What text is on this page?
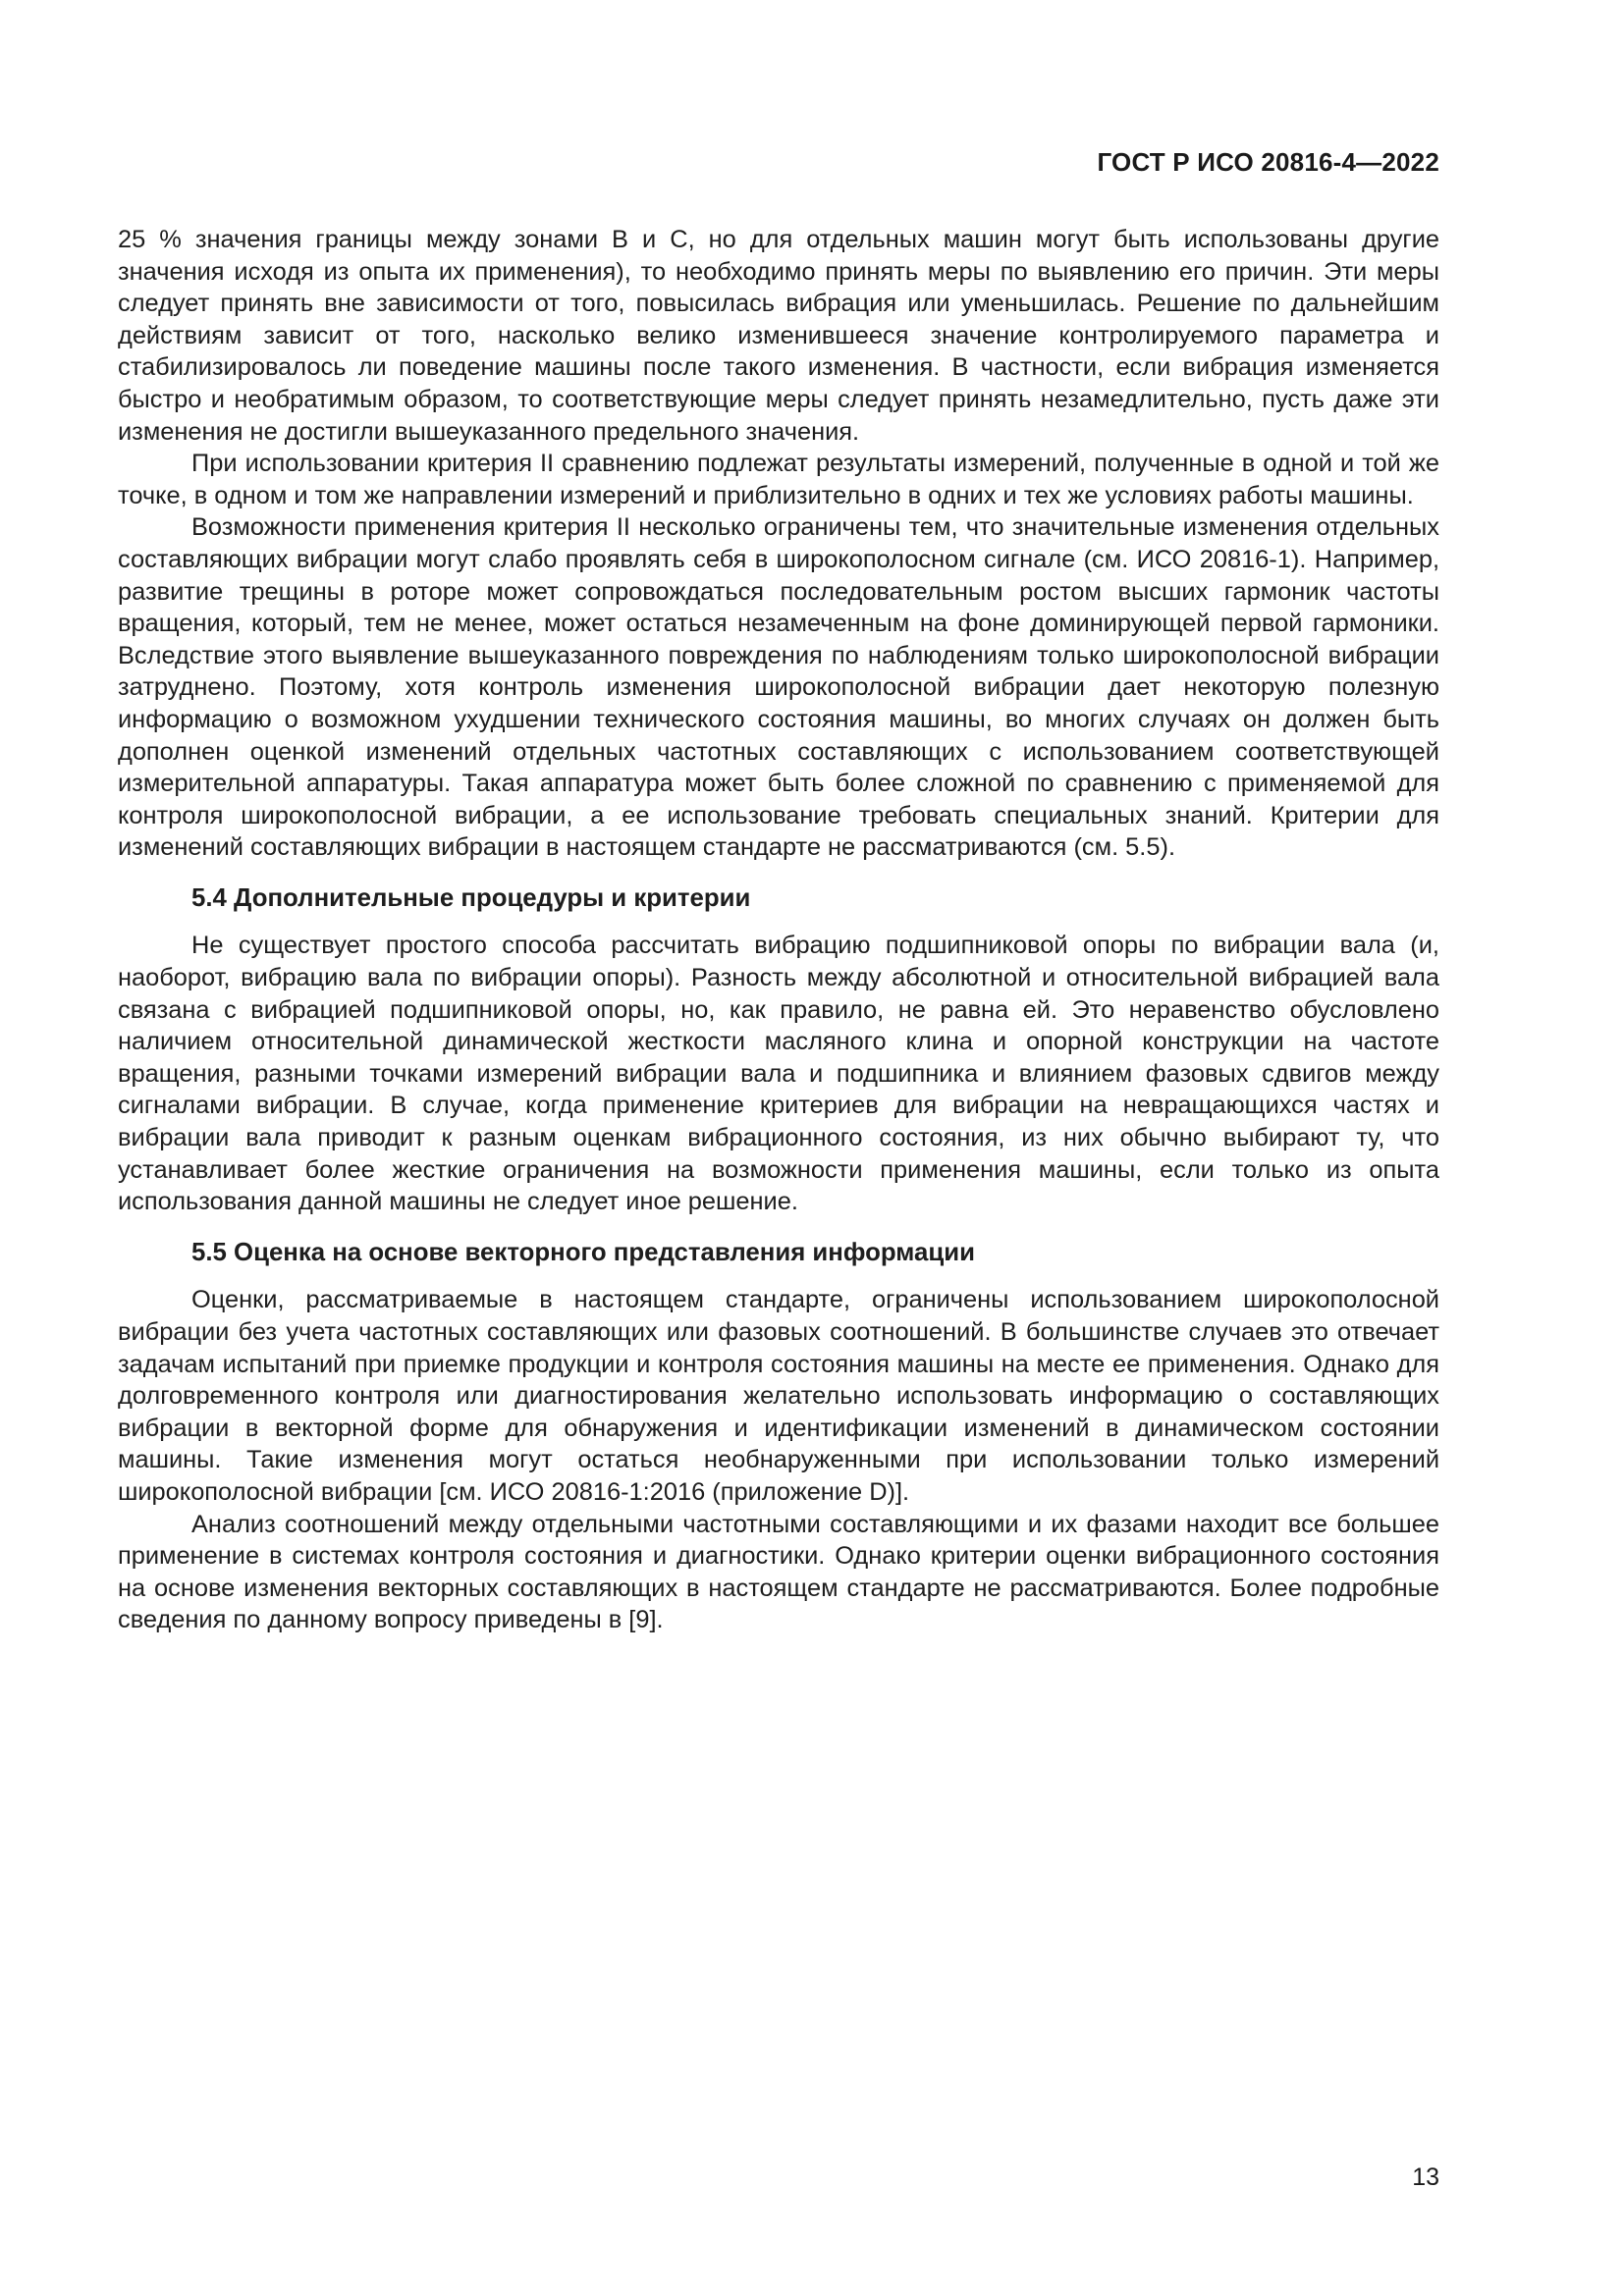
ГОСТ Р ИСО 20816-4—2022

25 % значения границы между зонами B и C, но для отдельных машин могут быть использованы другие значения исходя из опыта их применения), то необходимо принять меры по выявлению его причин. Эти меры следует принять вне зависимости от того, повысилась вибрация или уменьшилась. Решение по дальнейшим действиям зависит от того, насколько велико изменившееся значение контролируемого параметра и стабилизировалось ли поведение машины после такого изменения. В частности, если вибрация изменяется быстро и необратимым образом, то соответствующие меры следует принять незамедлительно, пусть даже эти изменения не достигли вышеуказанного предельного значения.

При использовании критерия II сравнению подлежат результаты измерений, полученные в одной и той же точке, в одном и том же направлении измерений и приблизительно в одних и тех же условиях работы машины.

Возможности применения критерия II несколько ограничены тем, что значительные изменения отдельных составляющих вибрации могут слабо проявлять себя в широкополосном сигнале (см. ИСО 20816-1). Например, развитие трещины в роторе может сопровождаться последовательным ростом высших гармоник частоты вращения, который, тем не менее, может остаться незамеченным на фоне доминирующей первой гармоники. Вследствие этого выявление вышеуказанного повреждения по наблюдениям только широкополосной вибрации затруднено. Поэтому, хотя контроль изменения широкополосной вибрации дает некоторую полезную информацию о возможном ухудшении технического состояния машины, во многих случаях он должен быть дополнен оценкой изменений отдельных частотных составляющих с использованием соответствующей измерительной аппаратуры. Такая аппаратура может быть более сложной по сравнению с применяемой для контроля широкополосной вибрации, а ее использование требовать специальных знаний. Критерии для изменений составляющих вибрации в настоящем стандарте не рассматриваются (см. 5.5).

5.4 Дополнительные процедуры и критерии

Не существует простого способа рассчитать вибрацию подшипниковой опоры по вибрации вала (и, наоборот, вибрацию вала по вибрации опоры). Разность между абсолютной и относительной вибрацией вала связана с вибрацией подшипниковой опоры, но, как правило, не равна ей. Это неравенство обусловлено наличием относительной динамической жесткости масляного клина и опорной конструкции на частоте вращения, разными точками измерений вибрации вала и подшипника и влиянием фазовых сдвигов между сигналами вибрации. В случае, когда применение критериев для вибрации на невращающихся частях и вибрации вала приводит к разным оценкам вибрационного состояния, из них обычно выбирают ту, что устанавливает более жесткие ограничения на возможности применения машины, если только из опыта использования данной машины не следует иное решение.

5.5 Оценка на основе векторного представления информации

Оценки, рассматриваемые в настоящем стандарте, ограничены использованием широкополосной вибрации без учета частотных составляющих или фазовых соотношений. В большинстве случаев это отвечает задачам испытаний при приемке продукции и контроля состояния машины на месте ее применения. Однако для долговременного контроля или диагностирования желательно использовать информацию о составляющих вибрации в векторной форме для обнаружения и идентификации изменений в динамическом состоянии машины. Такие изменения могут остаться необнаруженными при использовании только измерений широкополосной вибрации [см. ИСО 20816-1:2016 (приложение D)].

Анализ соотношений между отдельными частотными составляющими и их фазами находит все большее применение в системах контроля состояния и диагностики. Однако критерии оценки вибрационного состояния на основе изменения векторных составляющих в настоящем стандарте не рассматриваются. Более подробные сведения по данному вопросу приведены в [9].

13
